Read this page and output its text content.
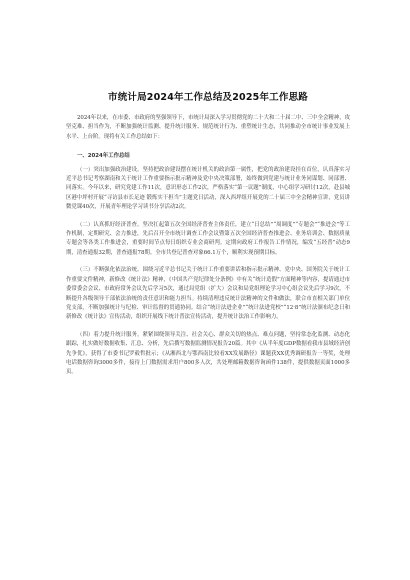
市统计局2024年工作总结及2025年工作思路

2024年以来，在市委、市政府的坚强领导下，市统计局深入学习贯彻党的二十大和二十届二中、三中全会精神，攻坚克难、担当作为，不断加强统计监测、提升统计服务、规范统计行为、重塑统计生态，共同推动全市统计事业发展上水平、上台阶。现将有关工作总结如下：

一、2024年工作总结

（一）突出加强政治建设。坚持把政治建设摆在统计机关的政治第一属性，把党的政治建设挂在首位，认真落实习近平总书记考察湖南和关于统计工作重要指示批示精神及党中央决策部署，始终做到党建与统计业务同谋划、同部署、同落实。今年以来，研究党建工作11次，意识形态工作2次，严格落实“第一议题”制度，中心组学习研讨12次，赴县城区港中坪村开展“寻访县市长足迹 锻炼实干担当”主题党日活动，深入西坪组开展党的二十届三中全会精神宣讲，党员讲微党课40次，开展青年理论学习读书分享活动2次。

（二）认真抓好经济普查。坚决扛起第五次全国经济普查主体责任，建立“日总结”“周调度”“专题会”“推进会”等工作机制，定期研究、会力推进，先后召开全市统计调查工作会议暨第五次全国经济普查推进会、业务培训会、数据质量专题会等各类工作推进会，重要时间节点每日组织专业会商研判。定期向政府工作报告工作情况，编发“五经普”动态9期，清查通报32期，普查通报78期。全市共登记普查对象66.1万个，顺利实现预期目标。

（三）不断强化依法治统。围绕习近平总书记关于统计工作重要讲话和指示批示精神、党中央、国务院关于统计工作重要文件精神，新修改《统计法》精神，《中国共产党纪律处分条例》中有关“统计造假”方面精神等内容，提请通过市委常委会会议、市政府常务会议先后学习5次，通过局党组（扩大）会议和局党组理论学习中心组会议先后学习9次，不断提升各级领导干部依法治统的责任意识和能力担当。持续清理违反统计法精神的文件和做法，联合市直相关部门单位党支部，不断加强统计与纪检、审计监督的贯通协同。结合“统计法进企业”“统计法进党校”“12·8”统计法颁布纪念日和新修改《统计法》宣传活动，组织开展线下统计普法宣传活动，提升统计法治工作影响力。

（四）着力提升统计服务。紧紧围绕领导关注、社会关心、群众关切的热点、难点问题，坚持常态化监测、动态化跟踪，扎实做好数据收集、汇总、分析，先后撰写数据监测情况报告20篇。其中《从半年度GDP数据看我市县域经济创先争优》，获得了市委书记罗毅哲批示；《从湘西北与鄂西南比较看XX发展路径》课题获XX优秀调研报告一等奖，处理电话数据咨询3000多件，接待上门数据需求用户800多人次，共处理邮箱数据咨询函件138件，提供数据页面1000多页。
